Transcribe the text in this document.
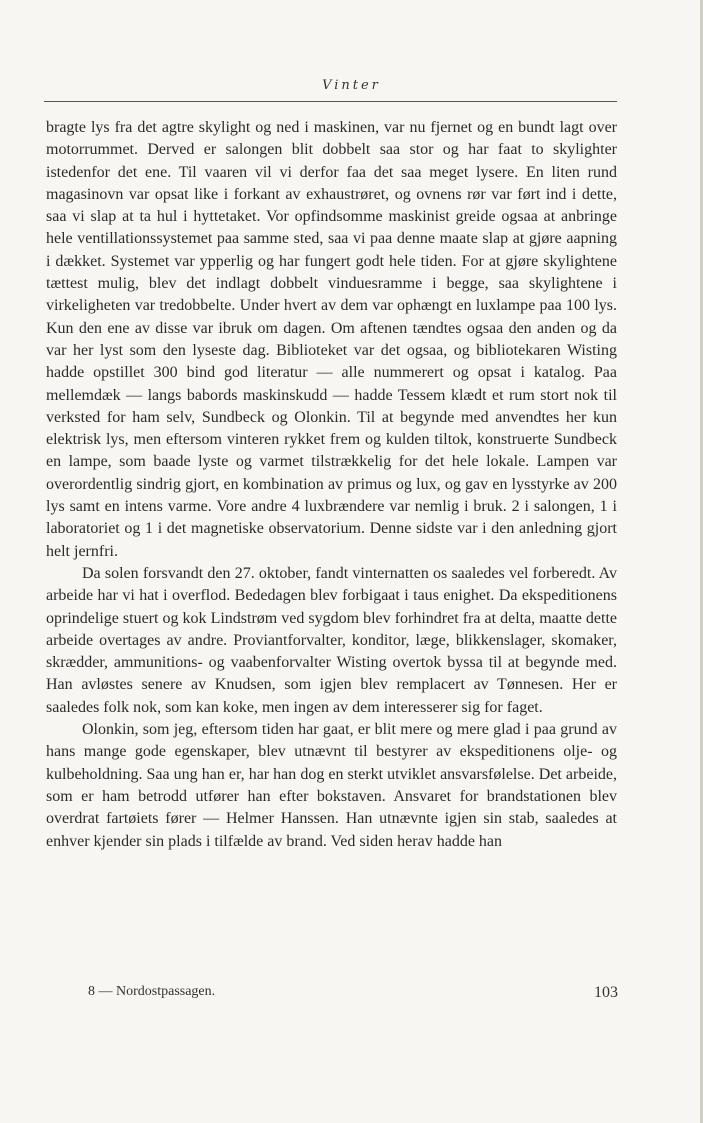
Vinter

bragte lys fra det agtre skylight og ned i maskinen, var nu fjernet og en bundt lagt over motorrummet. Derved er salongen blit dobbelt saa stor og har faat to skylighter istedenfor det ene. Til vaaren vil vi derfor faa det saa meget lysere. En liten rund magasinovn var opsat like i forkant av exhaustrøret, og ovnens rør var ført ind i dette, saa vi slap at ta hul i hyttetaket. Vor opfindsomme maskinist greide ogsaa at anbringe hele ventillationssystemet paa samme sted, saa vi paa denne maate slap at gjøre aapning i dækket. Systemet var ypperlig og har fungert godt hele tiden. For at gjøre skylightene tættest mulig, blev det indlagt dobbelt vinduesramme i begge, saa skylightene i virkeligheten var tredobbelte. Under hvert av dem var ophængt en luxlampe paa 100 lys. Kun den ene av disse var ibruk om dagen. Om aftenen tændtes ogsaa den anden og da var her lyst som den lyseste dag. Biblioteket var det ogsaa, og bibliotekaren Wisting hadde opstillet 300 bind god literatur — alle nummerert og opsat i katalog. Paa mellemdæk — langs babords maskinskudd — hadde Tessem klædt et rum stort nok til verksted for ham selv, Sundbeck og Olonkin. Til at begynde med anvendtes her kun elektrisk lys, men eftersom vinteren rykket frem og kulden tiltok, konstruerte Sundbeck en lampe, som baade lyste og varmet tilstrækkelig for det hele lokale. Lampen var overordentlig sindrig gjort, en kombination av primus og lux, og gav en lysstyrke av 200 lys samt en intens varme. Vore andre 4 luxbrændere var nemlig i bruk. 2 i salongen, 1 i laboratoriet og 1 i det magnetiske observatorium. Denne sidste var i den anledning gjort helt jernfri.

Da solen forsvandt den 27. oktober, fandt vinternatten os saaledes vel forberedt. Av arbeide har vi hat i overflod. Bededagen blev forbigaat i taus enighet. Da ekspeditionens oprindelige stuert og kok Lindstrøm ved sygdom blev forhindret fra at delta, maatte dette arbeide overtages av andre. Proviantforvalter, konditor, læge, blikkenslager, skomaker, skrædder, ammunitions- og vaabenforvalter Wisting overtok byssa til at begynde med. Han avløstes senere av Knudsen, som igjen blev remplacert av Tønnesen. Her er saaledes folk nok, som kan koke, men ingen av dem interesserer sig for faget.

Olonkin, som jeg, eftersom tiden har gaat, er blit mere og mere glad i paa grund av hans mange gode egenskaper, blev utnævnt til bestyrer av ekspeditionens olje- og kulbeholdning. Saa ung han er, har han dog en sterkt utviklet ansvarsfølelse. Det arbeide, som er ham betrodd utfører han efter bokstaven. Ansvaret for brandstationen blev overdrat fartøiets fører — Helmer Hanssen. Han utnævnte igjen sin stab, saaledes at enhver kjender sin plads i tilfælde av brand. Ved siden herav hadde han

8 — Nordostpassagen.	103
